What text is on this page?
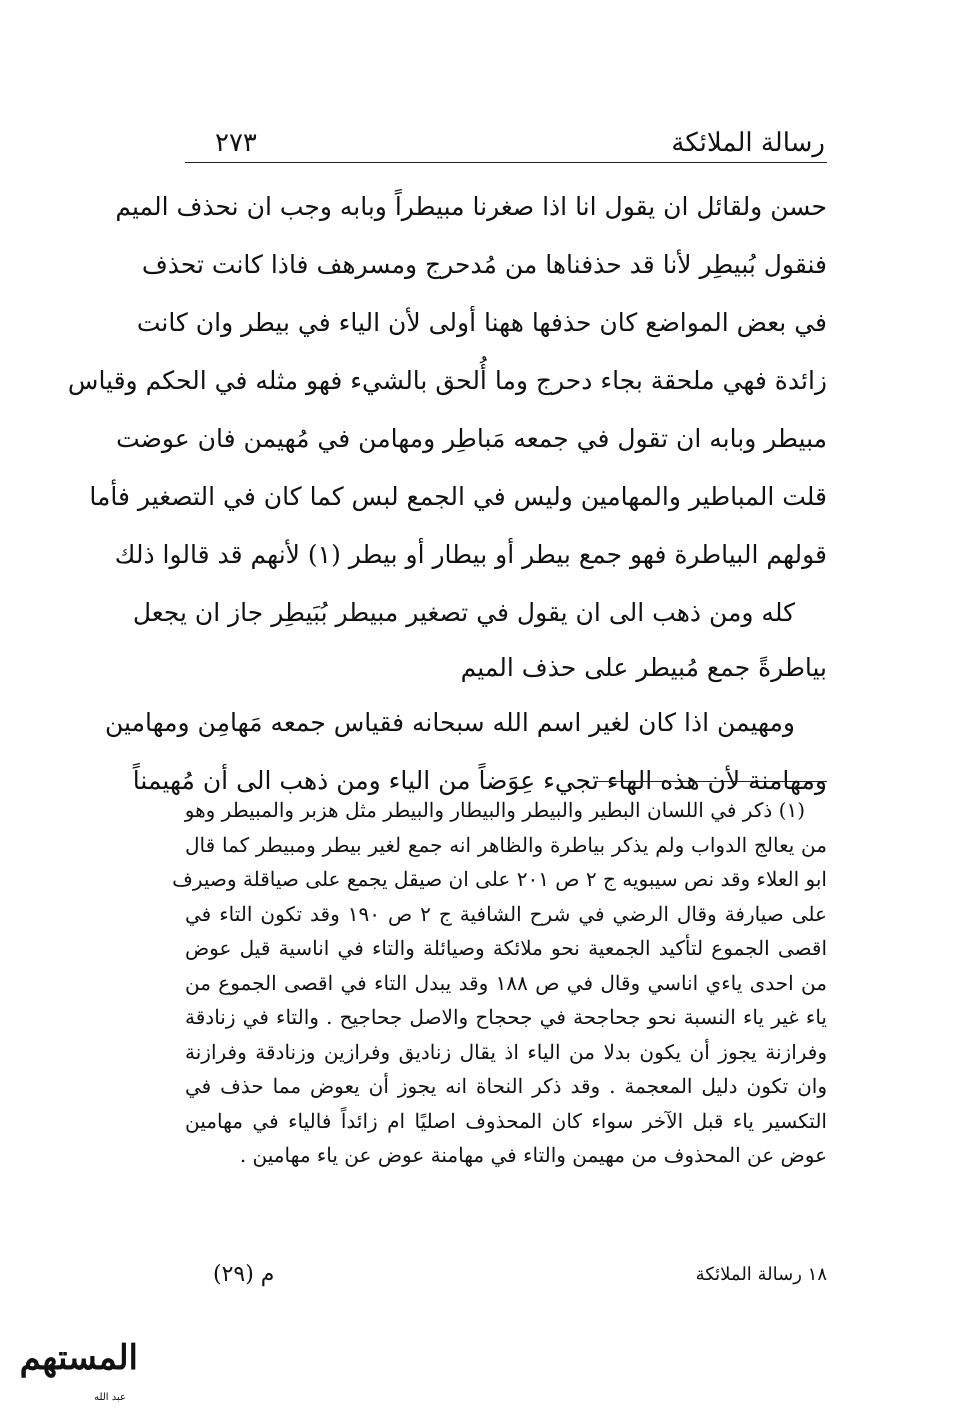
رسالة الملائكة
٢٧٣
حسن ولقائل ان يقول انا اذا صغرنا مبيطراً وبابه وجب ان نحذف الميم
فنقول بُبيطِر لأنا قد حذفناها من مُدحرج ومسرهف فاذا كانت تحذف
في بعض المواضع كان حذفها ههنا أولى لأن الياء في بيطر وان كانت
زائدة فهي ملحقة بجاء دحرج وما أُلحق بالشيء فهو مثله في الحكم وقياس
مبيطر وبابه ان تقول في جمعه مَباطِر ومهامن في مُهيمن فان عوضت
قلت المباطير والمهامين وليس في الجمع لبس كما كان في التصغير فأما
قولهم البياطرة فهو جمع بيطر أو بيطار أو بيطر (١) لأنهم قد قالوا ذلك
كله ومن ذهب الى ان يقول في تصغير مبيطر بُبَيطِر جاز ان يجعل
بياطرةً جمع مُبيطر على حذف الميم
ومهيمن اذا كان لغير اسم الله سبحانه فقياس جمعه مَهامِن ومهامين
ومهامنة لأن هذه الهاء تجيء عِوَضاً من الياء ومن ذهب الى أن مُهيمناً
(١) ذكر في اللسان البطير والبيطر والبيطار والبيطر مثل هزبر والمبيطر وهو
من يعالج الدواب ولم يذكر بياطرة والظاهر انه جمع لغير بيطر ومبيطر كما قال
ابو العلاء وقد نص سيبويه ج ٢ ص ٢٠١ على ان صيقل يجمع على صياقلة وصيرف
على صيارفة وقال الرضي في شرح الشافية ج ٢ ص ١٩٠ وقد تكون التاء في
اقصى الجموع لتأكيد الجمعية نحو ملائكة وصيائلة والتاء في اناسية قيل عوض
من احدى ياءي اناسي وقال في ص ١٨٨ وقد يبدل التاء في اقصى الجموع من
ياء غير ياء النسبة نحو جحاجحة في جحجاح والاصل جحاجيح . والتاء في زنادقة
وفرازنة يجوز أن يكون بدلا من الياء اذ يقال زناديق وفرازين وزنادقة وفرازنة
وان تكون دليل المعجمة . وقد ذكر النحاة انه يجوز أن يعوض مما حذف في
التكسير ياء قبل الآخر سواء كان المحذوف اصليًا ام زائداً فالياء في مهامين
عوض عن المحذوف من مهيمن والتاء في مهامنة عوض عن ياء مهامين .
١٨ رسالة الملائكة
م (٢٩)
المستهم
عبد الله
